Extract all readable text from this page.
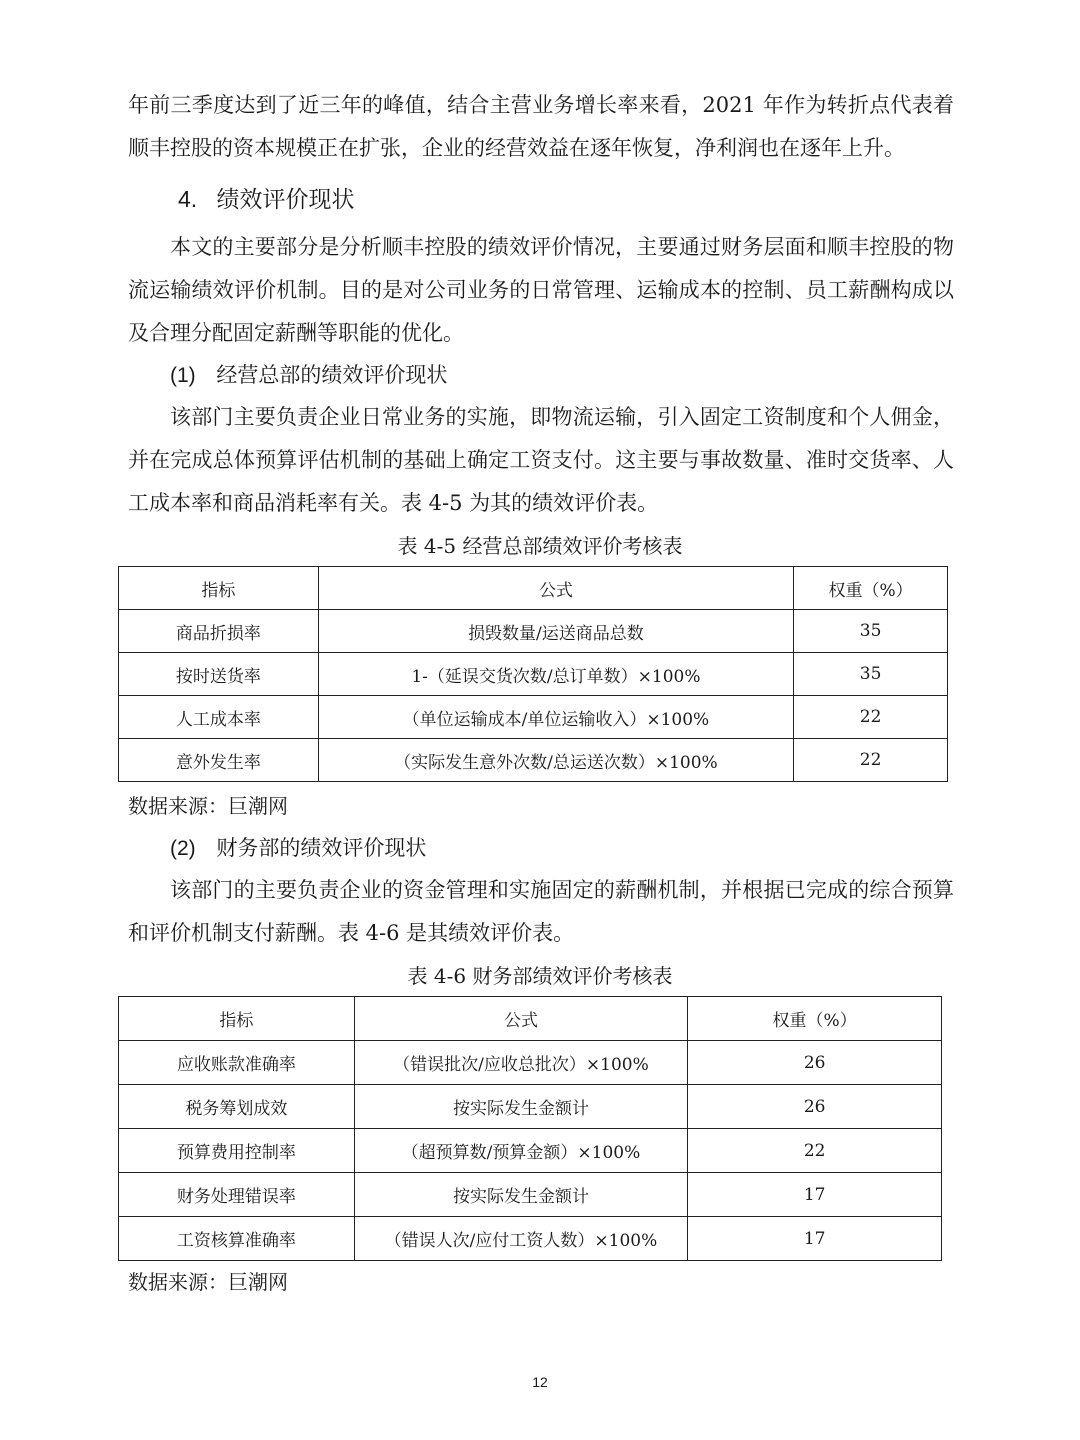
年前三季度达到了近三年的峰值，结合主营业务增长率来看，2021 年作为转折点代表着顺丰控股的资本规模正在扩张，企业的经营效益在逐年恢复，净利润也在逐年上升。

4. 绩效评价现状

本文的主要部分是分析顺丰控股的绩效评价情况，主要通过财务层面和顺丰控股的物流运输绩效评价机制。目的是对公司业务的日常管理、运输成本的控制、员工薪酬构成以及合理分配固定薪酬等职能的优化。

(1) 经营总部的绩效评价现状

该部门主要负责企业日常业务的实施，即物流运输，引入固定工资制度和个人佣金，并在完成总体预算评估机制的基础上确定工资支付。这主要与事故数量、准时交货率、人工成本率和商品消耗率有关。表 4-5 为其的绩效评价表。

表 4-5 经营总部绩效评价考核表

指标	公式	权重（%）
商品折损率	损毁数量/运送商品总数	35
按时送货率	1-（延误交货次数/总订单数）×100%	35
人工成本率	（单位运输成本/单位运输收入）×100%	22
意外发生率	（实际发生意外次数/总运送次数）×100%	22

数据来源：巨潮网

(2) 财务部的绩效评价现状

该部门的主要负责企业的资金管理和实施固定的薪酬机制，并根据已完成的综合预算和评价机制支付薪酬。表 4-6 是其绩效评价表。

表 4-6 财务部绩效评价考核表

指标	公式	权重（%）
应收账款准确率	（错误批次/应收总批次）×100%	26
税务筹划成效	按实际发生金额计	26
预算费用控制率	（超预算数/预算金额）×100%	22
财务处理错误率	按实际发生金额计	17
工资核算准确率	（错误人次/应付工资人数）×100%	17

数据来源：巨潮网

12
